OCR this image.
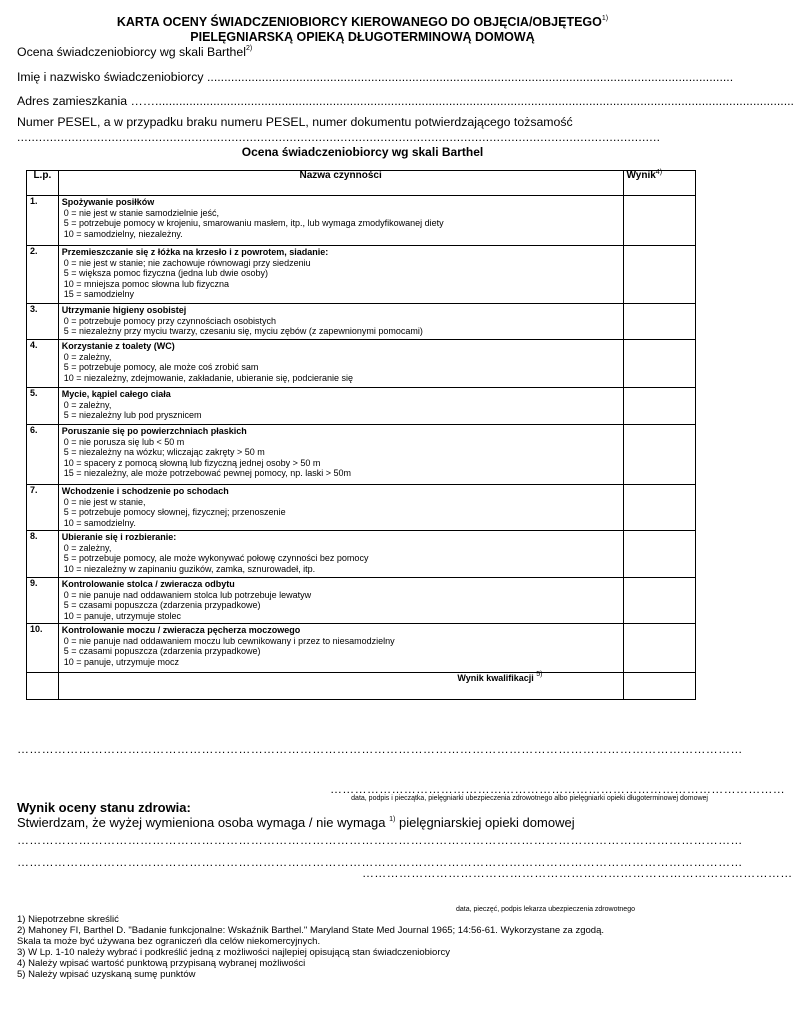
KARTA OCENY ŚWIADCZENIOBIORCY KIEROWANEGO DO OBJĘCIA/OBJĘTEGO$^{1)}$
PIELĘGNIARSKĄ OPIEKĄ DŁUGOTERMINOWĄ DOMOWĄ
Ocena świadczeniobiorcy wg skali Barthel$^{2)}$
Imię i nazwisko świadczeniobiorcy ..........................................................................................................................................................
Adres zamieszkania ……...........................................................................................................................................................................................
Numer PESEL, a w przypadku braku numeru PESEL, numer dokumentu potwierdzającego tożsamość
.................................................................................................................................................................................
Ocena świadczeniobiorcy wg skali Barthel
L.p.	Nazwa czynności	Wynik$^{4)}$
1.	Spożywanie posiłków
0 = nie jest w stanie samodzielnie jeść,
5 = potrzebuje pomocy w krojeniu, smarowaniu masłem, itp., lub wymaga zmodyfikowanej diety
10 = samodzielny, niezależny.	

2.	Przemieszczanie się z łóżka na krzesło i z powrotem, siadanie:
0 = nie jest w stanie; nie zachowuje równowagi przy siedzeniu
5 = większa pomoc fizyczna (jedna lub dwie osoby)
10 = mniejsza pomoc słowna lub fizyczna
15 = samodzielny	

3.	Utrzymanie higieny osobistej
0 = potrzebuje pomocy przy czynnościach osobistych
5 = niezależny przy myciu twarzy, czesaniu się, myciu zębów (z zapewnionymi pomocami)	

4.	Korzystanie z toalety (WC)
0 = zależny,
5 = potrzebuje pomocy, ale może coś zrobić sam
10 = niezależny, zdejmowanie, zakładanie, ubieranie się, podcieranie się	

5.	Mycie, kąpiel całego ciała
0 = zależny,
5 = niezależny lub pod prysznicem	

6.	Poruszanie się po powierzchniach płaskich
0 = nie porusza się lub < 50 m
5 = niezależny na wózku; wliczając zakręty > 50 m
10 = spacery z pomocą słowną lub fizyczną jednej osoby > 50 m
15 = niezależny, ale może potrzebować pewnej pomocy, np. laski > 50m	

7.	Wchodzenie i schodzenie po schodach
0 = nie jest w stanie,
5 = potrzebuje pomocy słownej, fizycznej; przenoszenie
10 = samodzielny.	

8.	Ubieranie się i rozbieranie:
0 = zależny,
5 = potrzebuje pomocy, ale może wykonywać połowę czynności bez pomocy
10 = niezależny w zapinaniu guzików, zamka, sznurowadeł, itp.	

9.	Kontrolowanie stolca / zwieracza odbytu
0 = nie panuje nad oddawaniem stolca lub potrzebuje lewatyw
5 = czasami popuszcza (zdarzenia przypadkowe)
10 = panuje, utrzymuje stolec	

10.	Kontrolowanie moczu / zwieracza pęcherza moczowego
0 = nie panuje nad oddawaniem moczu lub cewnikowany i przez to niesamodzielny
5 = czasami popuszcza (zdarzenia przypadkowe)
10 = panuje, utrzymuje mocz	

	Wynik kwalifikacji $^{5)}$	
……………………………………………………………………………………………………………………………………………………………
…………………………………………………………………………………………………
data, podpis i pieczątka, pielęgniarki ubezpieczenia zdrowotnego albo pielęgniarki opieki długoterminowej domowej
Wynik oceny stanu zdrowia:
Stwierdzam, że wyżej wymieniona osoba wymaga / nie wymaga $^{1)}$ pielęgniarskiej opieki domowej
……………………………………………………………………………………………………………………………………………………………
……………………………………………………………………………………………………………………………………………………………
……………………………………………………………………………………………
data, pieczęć, podpis lekarza ubezpieczenia zdrowotnego
1) Niepotrzebne skreślić
2) Mahoney FI, Barthel D. "Badanie funkcjonalne: Wskaźnik Barthel." Maryland State Med Journal 1965; 14:56-61. Wykorzystane za zgodą.
Skala ta może być używana bez ograniczeń dla celów niekomercyjnych.
3) W Lp. 1-10 należy wybrać i podkreślić jedną z możliwości najlepiej opisującą stan świadczeniobiorcy
4) Należy wpisać wartość punktową przypisaną wybranej możliwości
5) Należy wpisać uzyskaną sumę punktów
